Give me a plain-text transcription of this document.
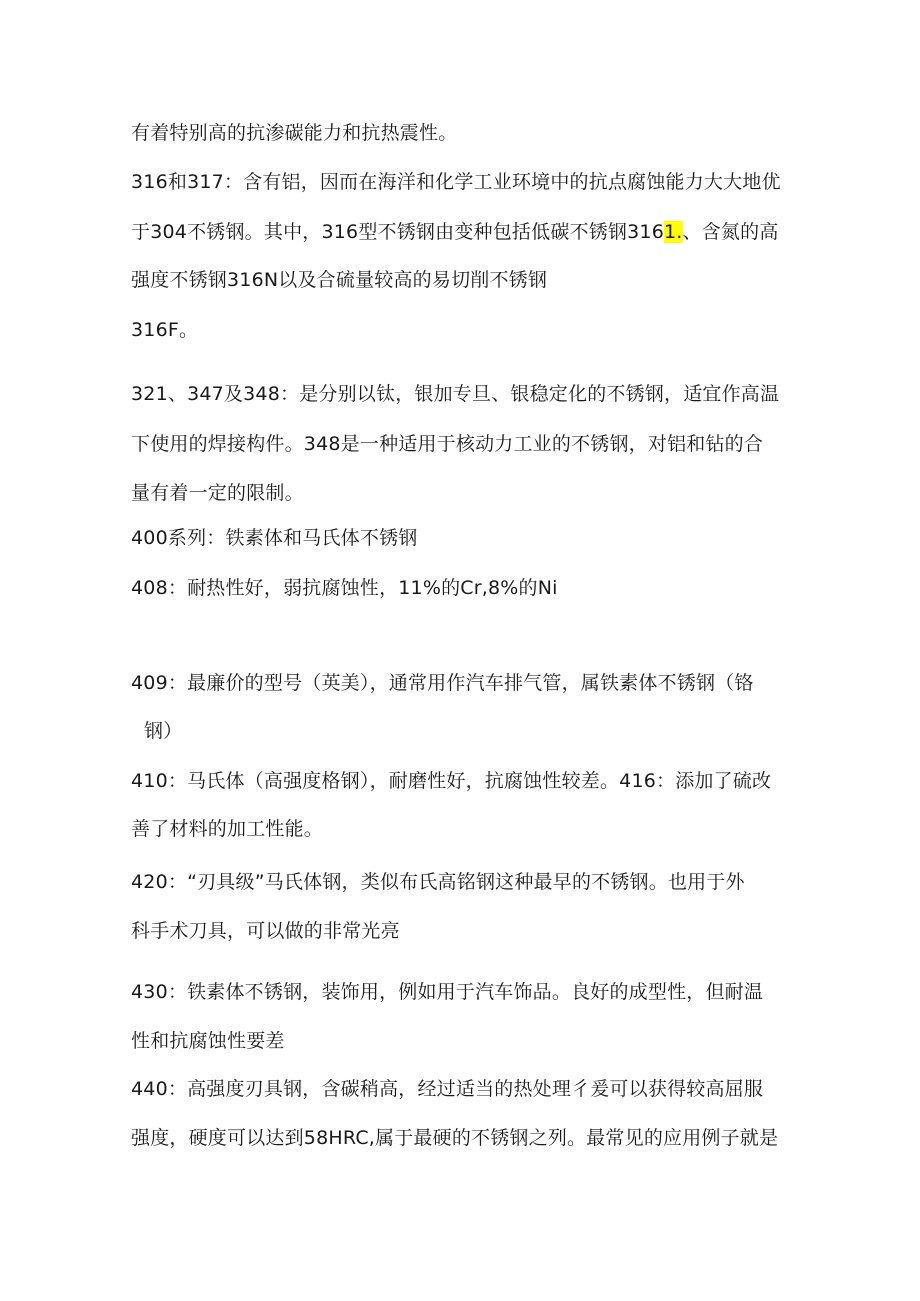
有着特别高的抗渗碳能力和抗热震性。
316和317：含有铝，因而在海洋和化学工业环境中的抗点腐蚀能力大大地优
于304不锈钢。其中，316型不锈钢由变种包括低碳不锈钢3161.、含氮的高
强度不锈钢316N以及合硫量较高的易切削不锈钢
316F。
321、347及348：是分别以钛，银加专旦、银稳定化的不锈钢，适宜作高温
下使用的焊接构件。348是一种适用于核动力工业的不锈钢，对铝和钻的合
量有着一定的限制。
400系列：铁素体和马氏体不锈钢
408：耐热性好，弱抗腐蚀性，11%的Cr,8%的Ni
409：最廉价的型号（英美），通常用作汽车排气管，属铁素体不锈钢（铬
钢）
410：马氏体（高强度格钢），耐磨性好，抗腐蚀性较差。416：添加了硫改
善了材料的加工性能。
420：“刃具级”马氏体钢，类似布氏高铭钢这种最早的不锈钢。也用于外
科手术刀具，可以做的非常光亮
430：铁素体不锈钢，装饰用，例如用于汽车饰品。良好的成型性，但耐温
性和抗腐蚀性要差
440：高强度刃具钢，含碳稍高，经过适当的热处理彳爰可以获得较高屈服
强度，硬度可以达到58HRC,属于最硬的不锈钢之列。最常见的应用例子就是
